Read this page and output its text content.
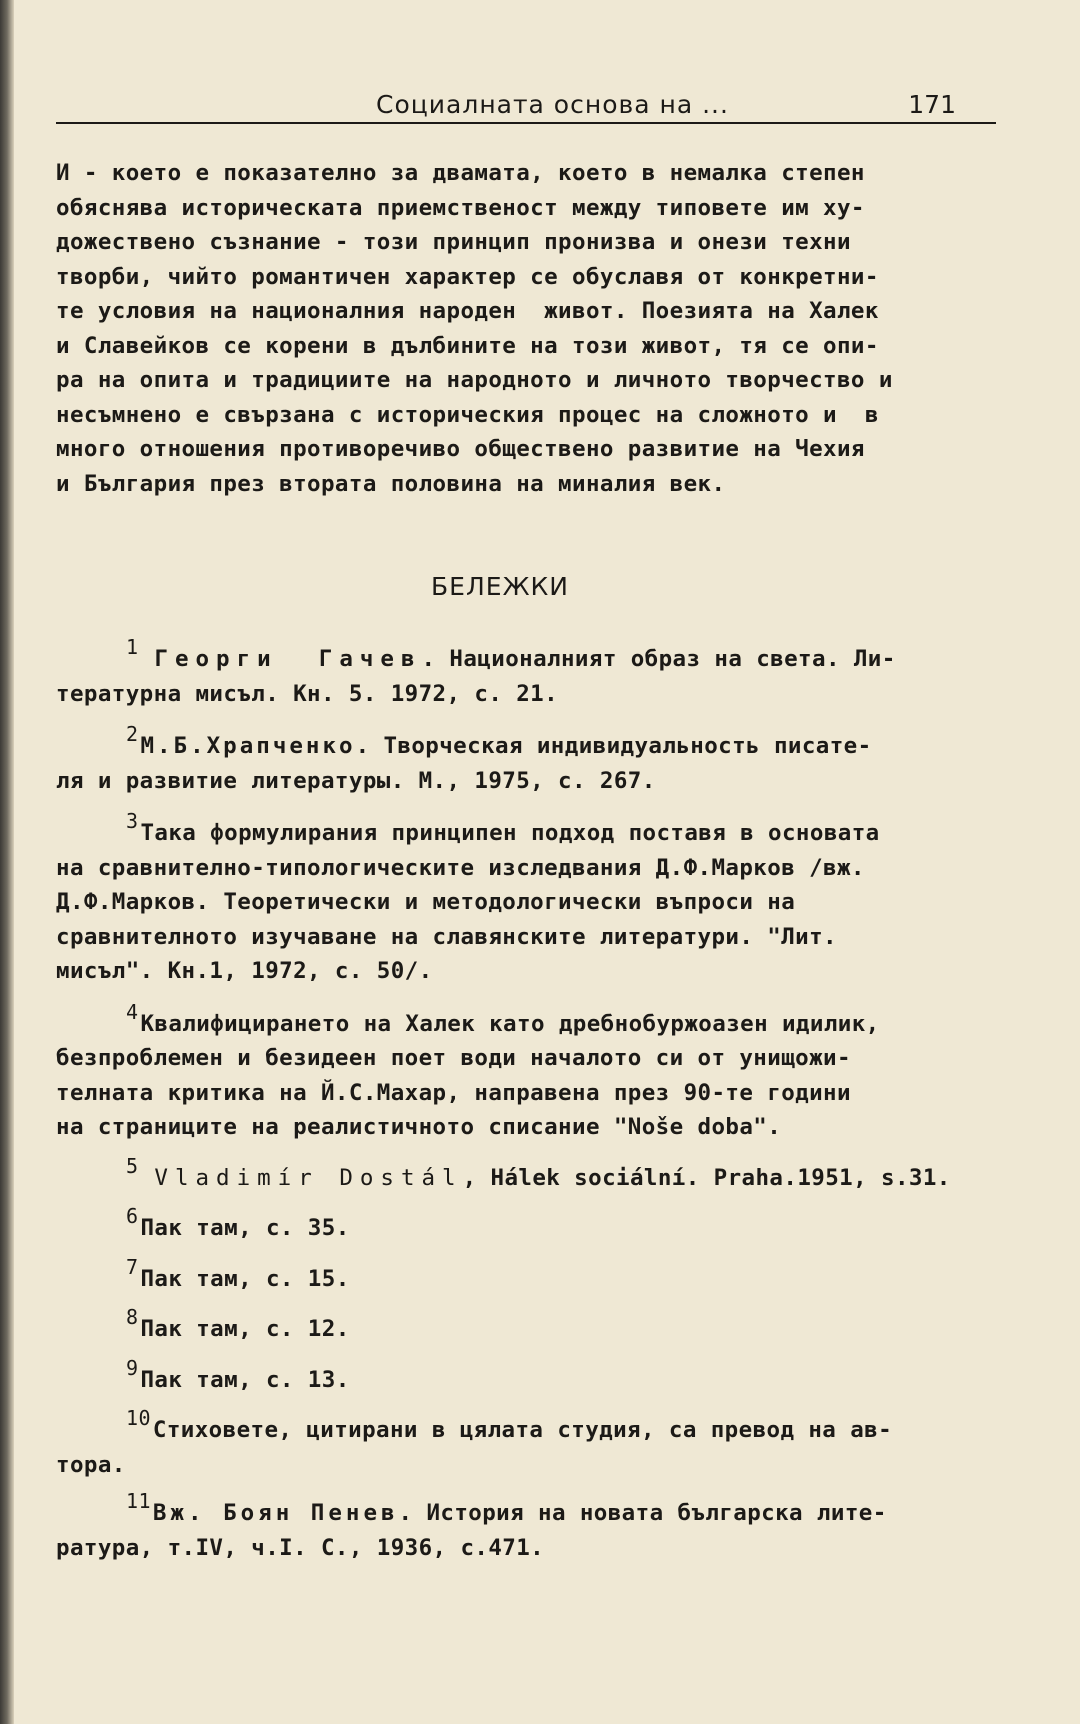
Социалната основа на ...	171
И - което е показателно за двамата, което в немалка степен
обяснява историческата приемственост между типовете им ху-
дожествено съзнание - този принцип пронизва и онези техни
творби, чийто романтичен характер се обуславя от конкретни-
те условия на националния народен  живот. Поезията на Халек
и Славейков се корени в дълбините на този живот, тя се опи-
ра на опита и традициите на народното и личното творчество и
несъмнено е свързана с историческия процес на сложното и  в
много отношения противоречиво обществено развитие на Чехия
и България през втората половина на миналия век.
БЕЛЕЖКИ
$^1$ Георги  Гачев. Националният образ на света. Ли-
тературна мисъл. Кн. 5. 1972, с. 21.
$^2$М.Б.Храпченко. Творческая индивидуальность писате-
ля и развитие литературы. М., 1975, с. 267.
$^3$Така формулирания принципен подход поставя в основата
на сравнително-типологическите изследвания Д.Ф.Марков /вж.
Д.Ф.Марков. Теоретически и методологически въпроси на
сравнителното изучаване на славянските литератури. "Лит.
мисъл". Кн.1, 1972, с. 50/.
$^4$Квалифицирането на Халек като дребнобуржоазен идилик,
безпроблемен и безидеен поет води началото си от унищожи-
телната критика на Й.С.Махар, направена през 90-те години
на страниците на реалистичното списание "Nošе dоbа".
$^5$ Vladimír Dostál, Hálek sociální. Praha.1951, s.31.
$^6$Пак там, с. 35.
$^7$Пак там, с. 15.
$^8$Пак там, с. 12.
$^9$Пак там, с. 13.
$^{10}$Стиховете, цитирани в цялата студия, са превод на ав-
тора.
$^{11}$Вж. Боян Пенев. История на новата българска лите-
ратура, т.IV, ч.I. С., 1936, с.471.
